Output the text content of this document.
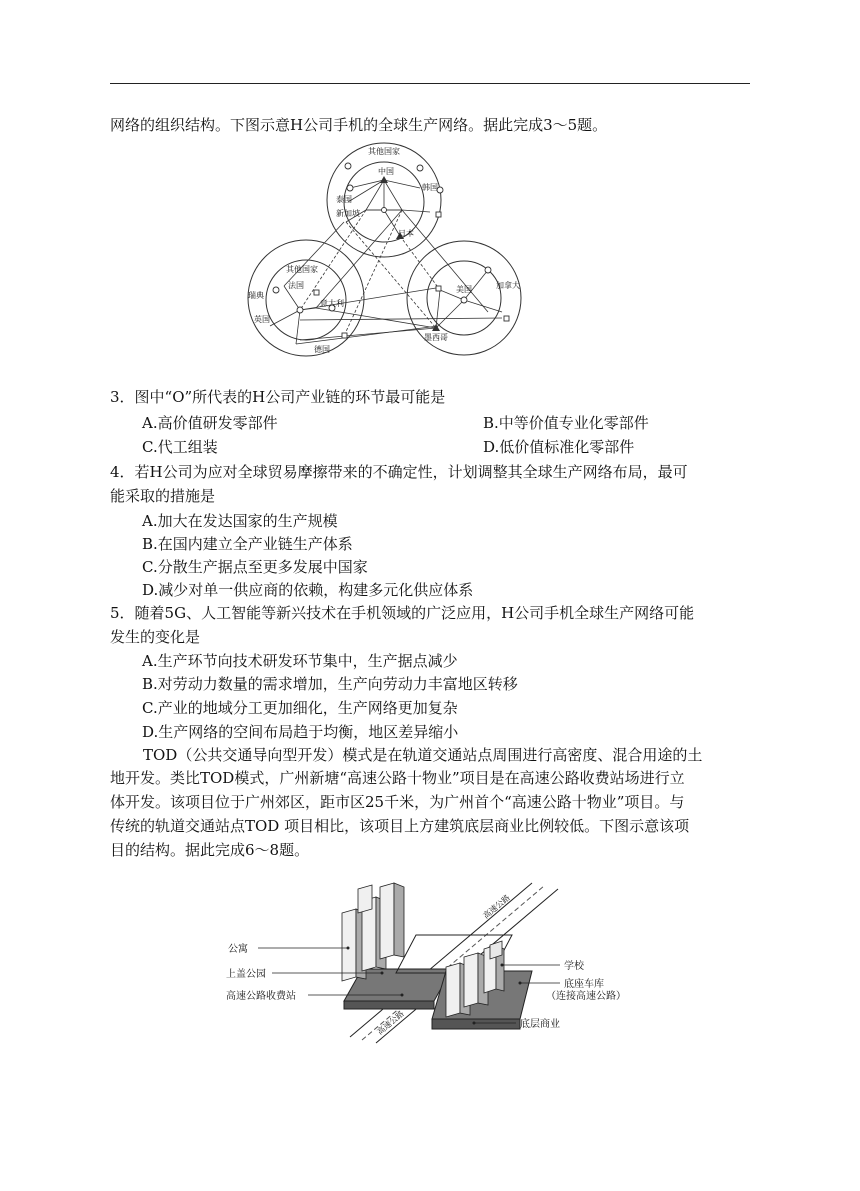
网络的组织结构。下图示意H公司手机的全球生产网络。据此完成3～5题。
其他国家
中国
韩国
泰国
新加坡
日本
其他国家
瑞典
法国
意大利
英国
德国
美国	加拿大
墨西哥
3．图中“O”所代表的H公司产业链的环节最可能是
A.高价值研发零部件	B.中等价值专业化零部件
C.代工组装	D.低价值标准化零部件
4．若H公司为应对全球贸易摩擦带来的不确定性，计划调整其全球生产网络布局，最可
能采取的措施是
A.加大在发达国家的生产规模
B.在国内建立全产业链生产体系
C.分散生产据点至更多发展中国家
D.减少对单一供应商的依赖，构建多元化供应体系
5．随着5G、人工智能等新兴技术在手机领域的广泛应用，H公司手机全球生产网络可能
发生的变化是
A.生产环节向技术研发环节集中，生产据点减少
B.对劳动力数量的需求增加，生产向劳动力丰富地区转移
C.产业的地域分工更加细化，生产网络更加复杂
D.生产网络的空间布局趋于均衡，地区差异缩小
TOD（公共交通导向型开发）模式是在轨道交通站点周围进行高密度、混合用途的土
地开发。类比TOD模式，广州新塘“高速公路十物业”项目是在高速公路收费站场进行立
体开发。该项目位于广州郊区，距市区25千米，为广州首个“高速公路十物业”项目。与
传统的轨道交通站点TOD 项目相比，该项目上方建筑底层商业比例较低。下图示意该项
目的结构。据此完成6～8题。
公寓
上盖公园
高速公路收费站
学校
底座车库
（连接高速公路）
底层商业
高速公路
高速公路
